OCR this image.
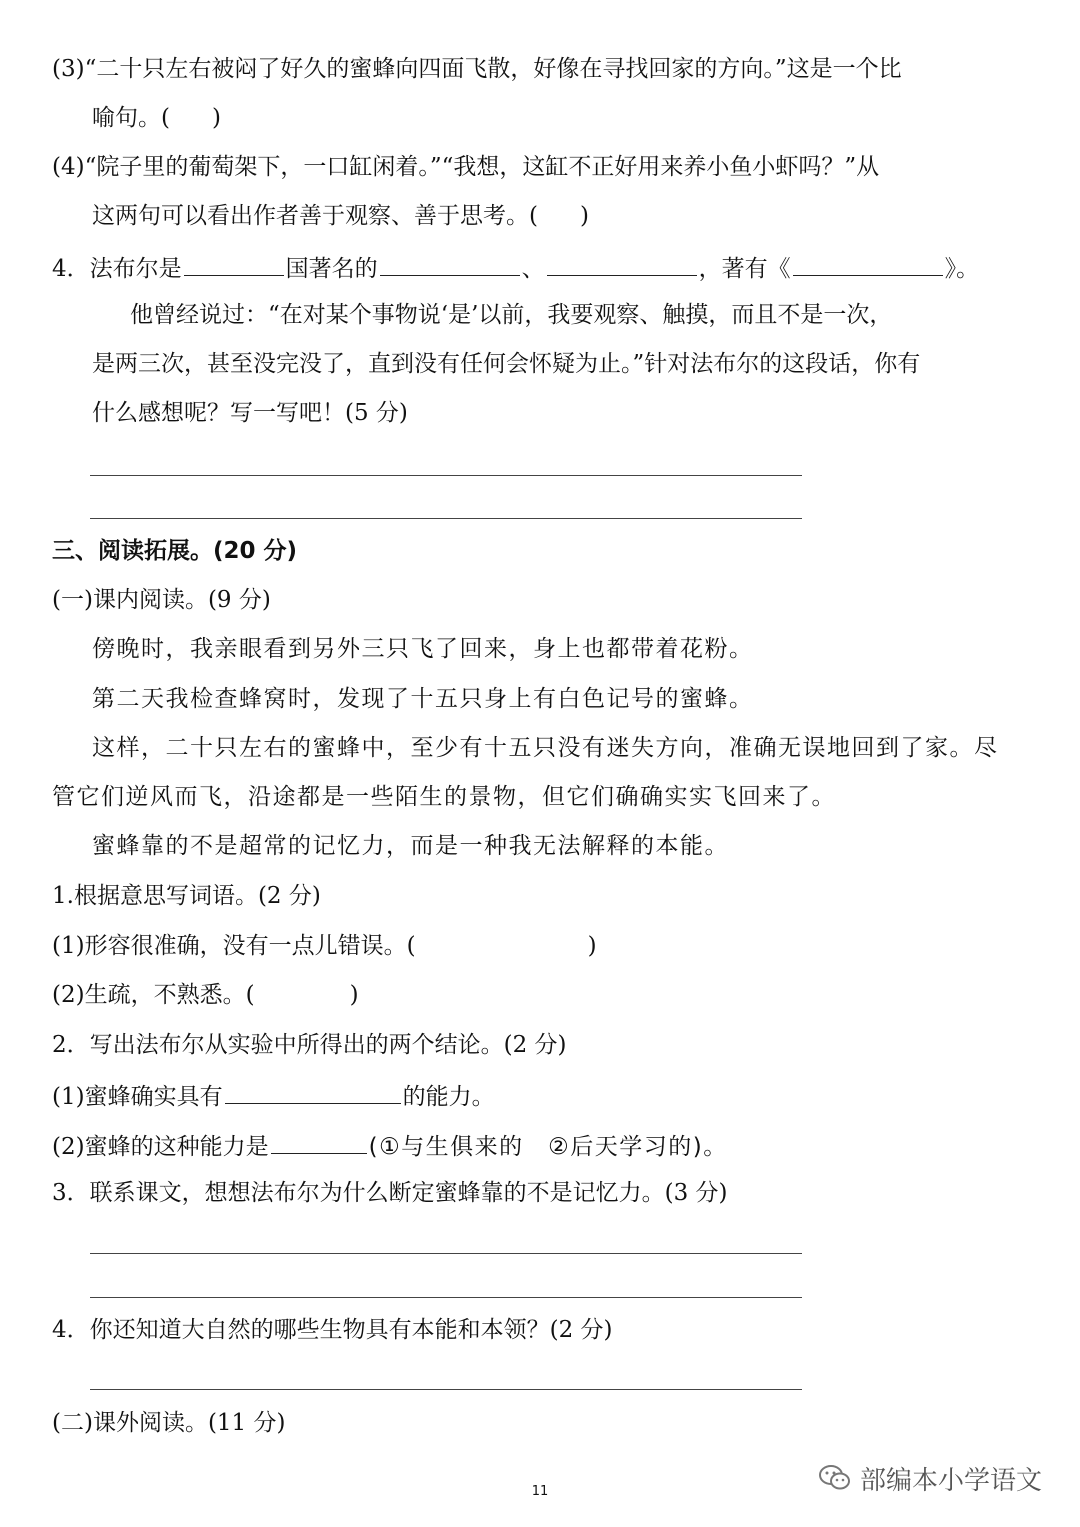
(3)“二十只左右被闷了好久的蜜蜂向四面飞散，好像在寻找回家的方向。”这是一个比
喻句。( )
(4)“院子里的葡萄架下，一口缸闲着。”“我想，这缸不正好用来养小鱼小虾吗？”从
这两句可以看出作者善于观察、善于思考。( )
4．法布尔是	国著名的	、	，著有《	》。
他曾经说过：“在对某个事物说‘是’以前，我要观察、触摸，而且不是一次，
是两三次，甚至没完没了，直到没有任何会怀疑为止。”针对法布尔的这段话，你有
什么感想呢？写一写吧！(5 分)
三、阅读拓展。(20 分)
(一)课内阅读。(9 分)
傍晚时，我亲眼看到另外三只飞了回来，身上也都带着花粉。
第二天我检查蜂窝时，发现了十五只身上有白色记号的蜜蜂。
这样，二十只左右的蜜蜂中，至少有十五只没有迷失方向，准确无误地回到了家。尽
管它们逆风而飞，沿途都是一些陌生的景物，但它们确确实实飞回来了。
蜜蜂靠的不是超常的记忆力，而是一种我无法解释的本能。
1.根据意思写词语。(2 分)
(1)形容很准确，没有一点儿错误。(	)
(2)生疏，不熟悉。(	)
2．写出法布尔从实验中所得出的两个结论。(2 分)
(1)蜜蜂确实具有	的能力。
(2)蜜蜂的这种能力是	(①与生俱来的　②后天学习的)。
3．联系课文，想想法布尔为什么断定蜜蜂靠的不是记忆力。(3 分)
4．你还知道大自然的哪些生物具有本能和本领？(2 分)
(二)课外阅读。(11 分)
11	部编本小学语文
